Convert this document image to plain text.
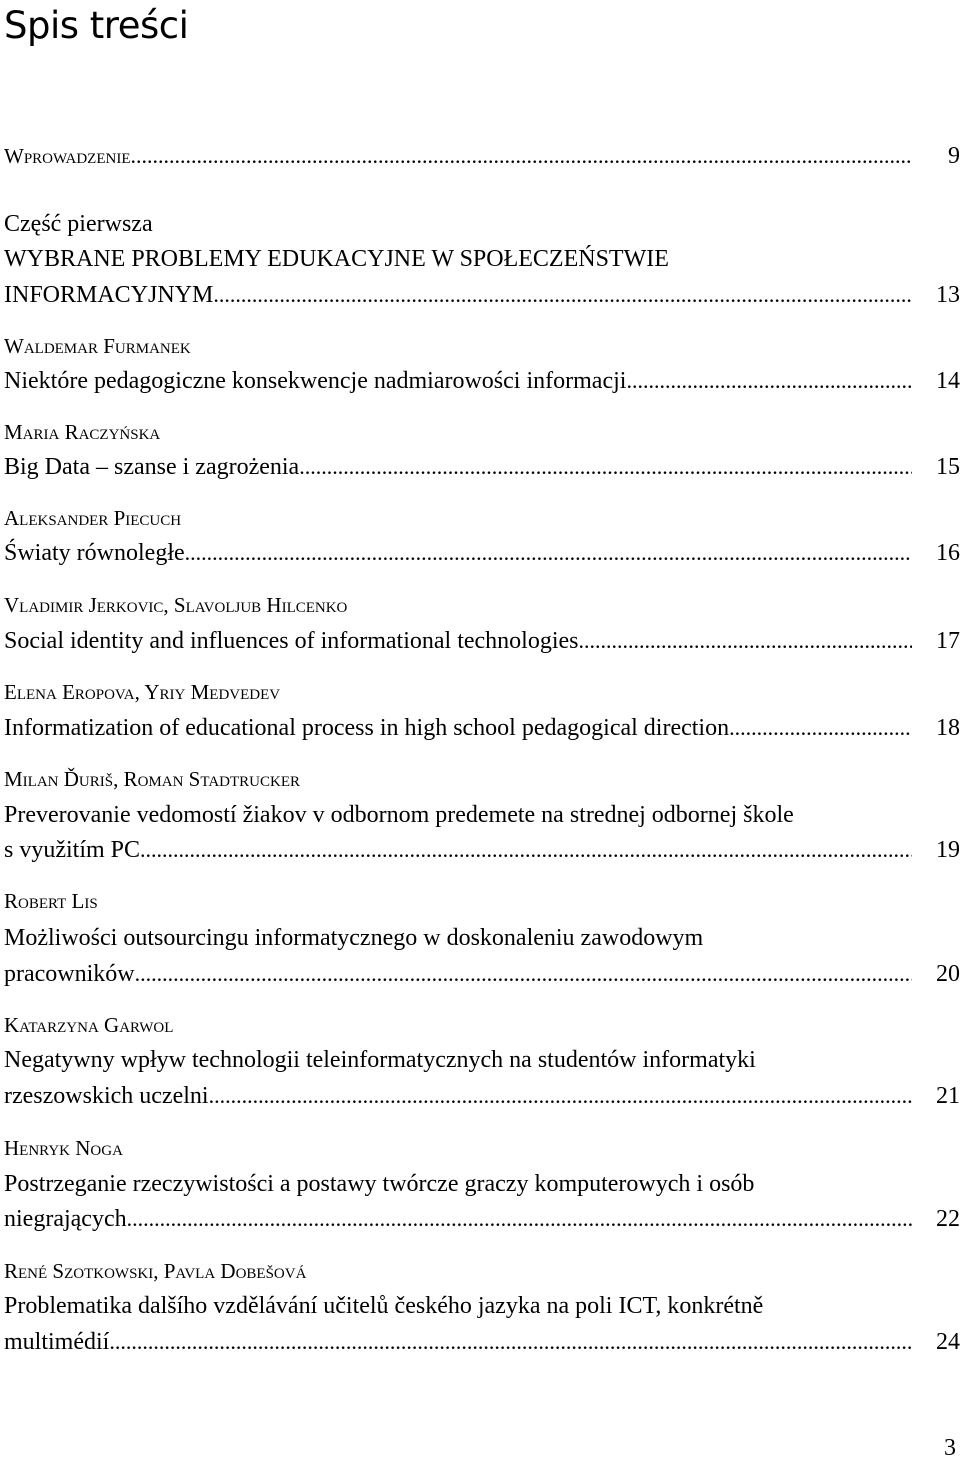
Spis treści
Wprowadzenie .....	9
Część pierwsza
WYBRANE PROBLEMY EDUKACYJNE W SPOŁECZEŃSTWIE
INFORMACYJNYM .....	13
Waldemar Furmanek
Niektóre pedagogiczne konsekwencje nadmiarowości informacji .....	14
Maria Raczyńska
Big Data – szanse i zagrożenia .....	15
Aleksander Piecuch
Światy równoległe .....	16
Vladimir Jerkovic, Slavoljub Hilcenko
Social identity and influences of informational technologies .....	17
Elena Eropova, Yriy Medvedev
Informatization of educational process in high school pedagogical direction .....	18
Milan Ďuriš, Roman Stadtrucker
Preverovanie vedomostí žiakov v odbornom predemete na strednej odbornej škole
s využitím PC .....	19
Robert Lis
Możliwości outsourcingu informatycznego w doskonaleniu zawodowym
pracowników .....	20
Katarzyna Garwol
Negatywny wpływ technologii teleinformatycznych na studentów informatyki
rzeszowskich uczelni .....	21
Henryk Noga
Postrzeganie rzeczywistości a postawy twórcze graczy komputerowych i osób
niegrających .....	22
René Szotkowski, Pavla Dobešová
Problematika dalšího vzdělávání učitelů českého jazyka na poli ICT, konkrétně
multimédií .....	24
3
